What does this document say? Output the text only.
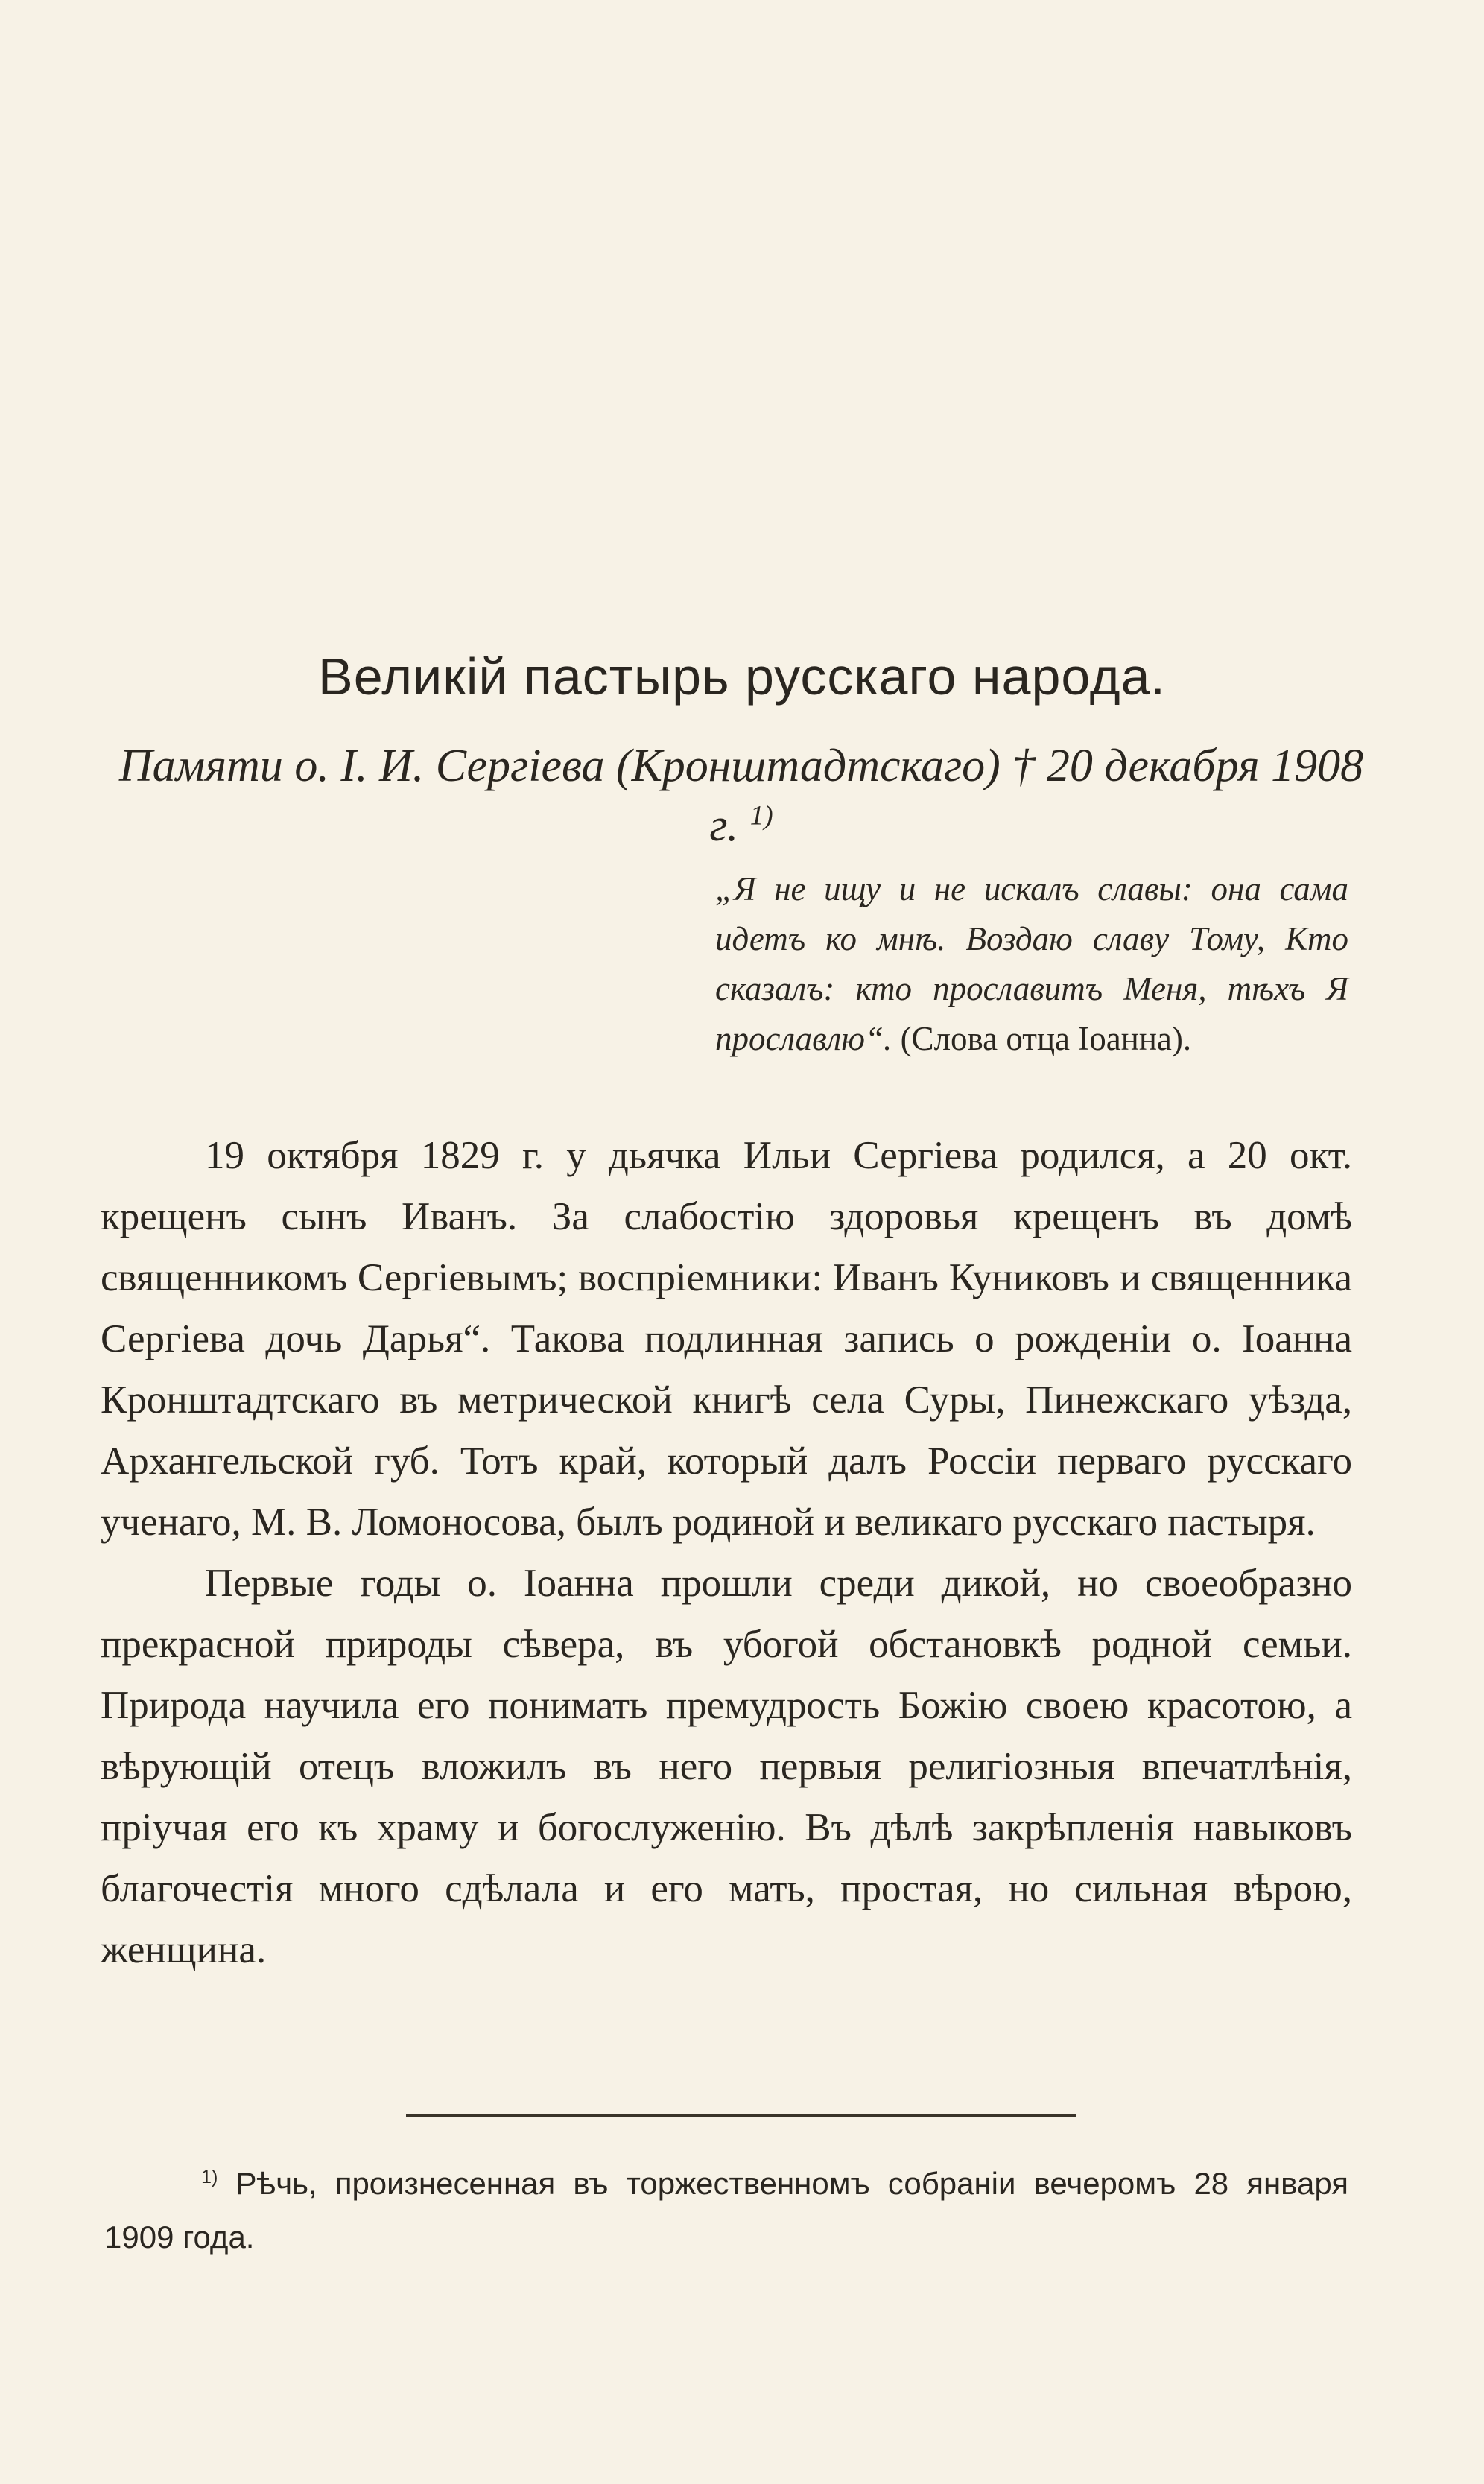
Великій пастырь русскаго народа.
Памяти о. I. И. Сергіева (Кронштадтскаго) † 20 декабря 1908 г. $^{1)}$
„Я не ищу и не искалъ славы: она сама идетъ ко мнѣ. Воздаю славу Тому, Кто сказалъ: кто прославитъ Меня, тѣхъ Я прославлю“. (Слова отца Іоанна).

19 октября 1829 г. у дьячка Ильи Сергіева родился, а 20 окт. крещенъ сынъ Иванъ. За слабостію здоровья крещенъ въ домѣ священникомъ Сергіевымъ; воспріемники: Иванъ Куниковъ и священника Сергіева дочь Дарья“. Такова подлинная запись о рожденіи о. Іоанна Кронштадтскаго въ метрической книгѣ села Суры, Пинежскаго уѣзда, Архангельской губ. Тотъ край, который далъ Россіи перваго русскаго ученаго, М. В. Ломоносова, былъ родиной и великаго русскаго пастыря.

Первые годы о. Іоанна прошли среди дикой, но своеобразно прекрасной природы сѣвера, въ убогой обстановкѣ родной семьи. Природа научила его понимать премудрость Божію своею красотою, а вѣрующій отецъ вложилъ въ него первыя религіозныя впечатлѣнія, пріучая его къ храму и богослуженію. Въ дѣлѣ закрѣпленія навыковъ благочестія много сдѣлала и его мать, простая, но сильная вѣрою, женщина.

$^{1)}$ Рѣчь, произнесенная въ торжественномъ собраніи вечеромъ 28 января 1909 года.
